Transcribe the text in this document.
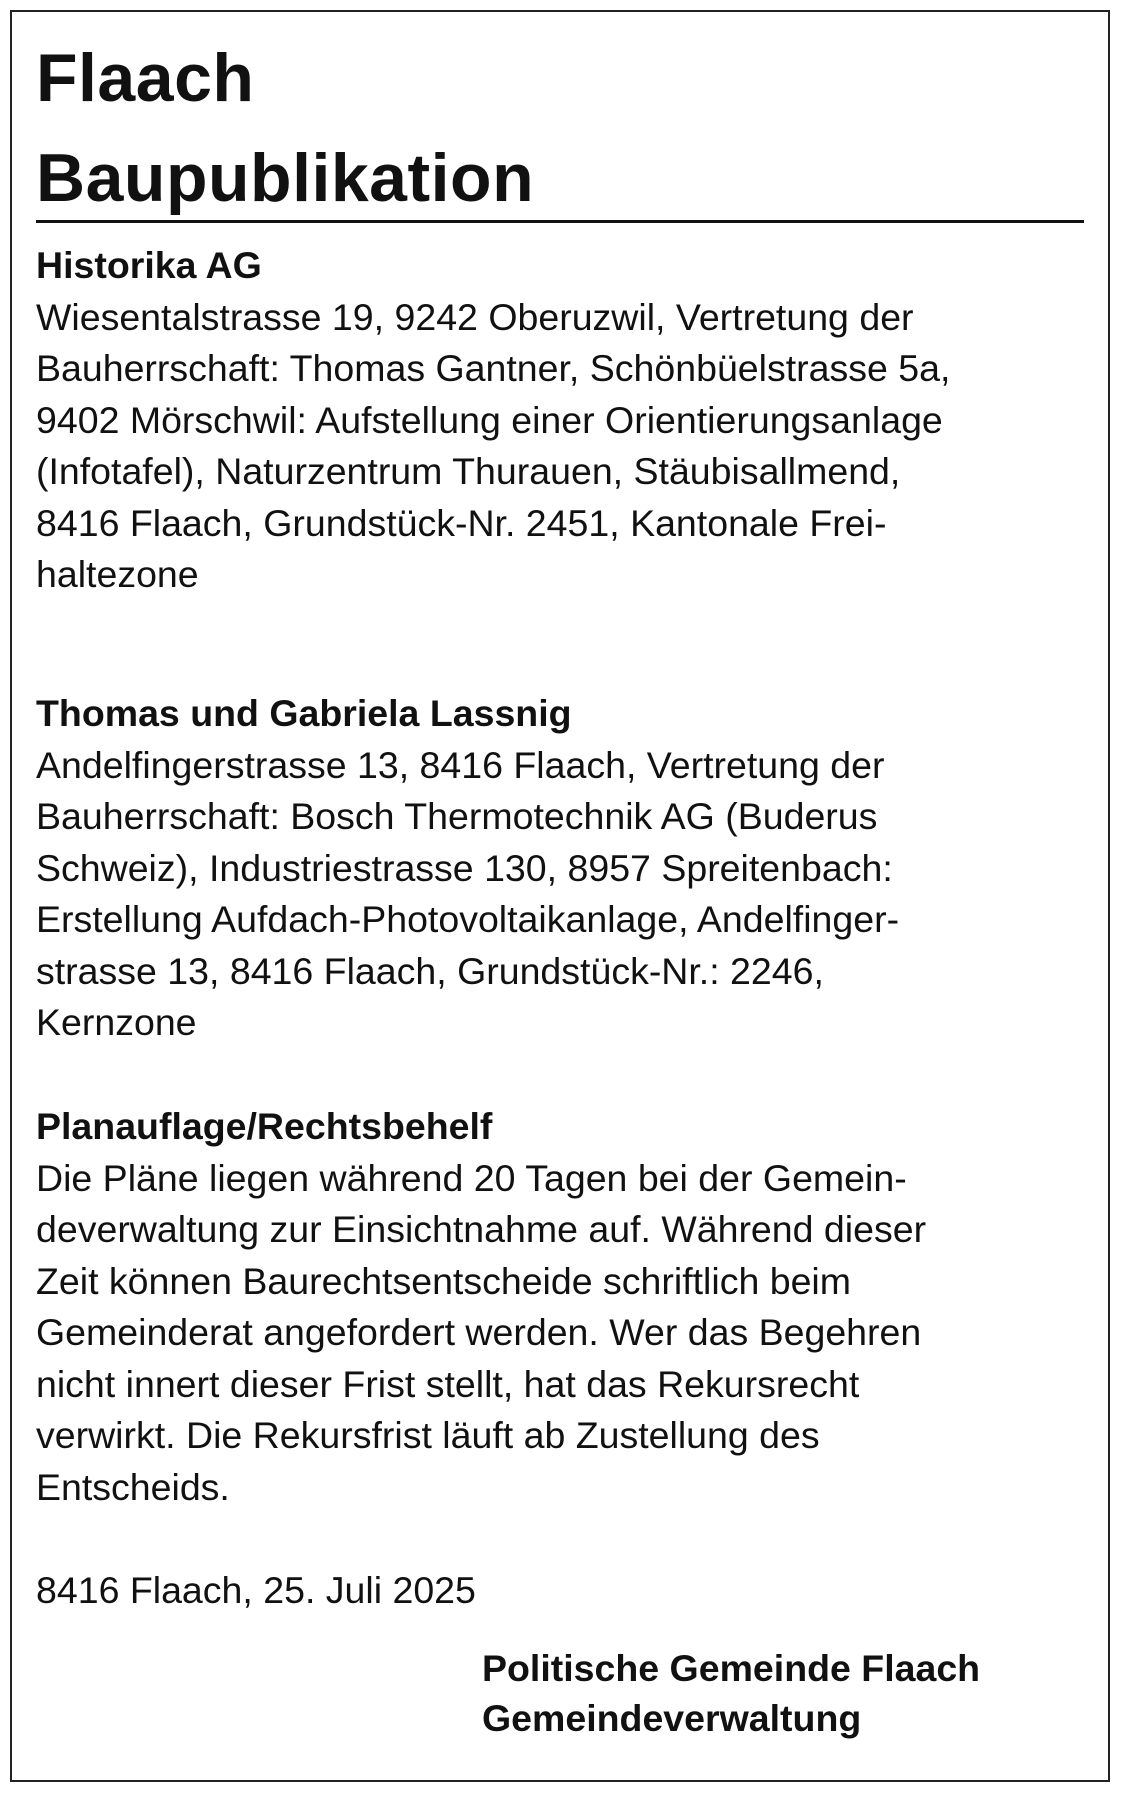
Flaach
Baupublikation
Historika AG
Wiesentalstrasse 19, 9242 Oberuzwil, Vertretung der
Bauherrschaft: Thomas Gantner, Schönbüelstrasse 5a,
9402 Mörschwil: Aufstellung einer Orientierungsanlage
(Infotafel), Naturzentrum Thurauen, Stäubisallmend,
8416 Flaach, Grundstück-Nr. 2451, Kantonale Frei-
haltezone
Thomas und Gabriela Lassnig
Andelfingerstrasse 13, 8416 Flaach, Vertretung der
Bauherrschaft: Bosch Thermotechnik AG (Buderus
Schweiz), Industriestrasse 130, 8957 Spreitenbach:
Erstellung Aufdach-Photovoltaikanlage, Andelfinger-
strasse 13, 8416 Flaach, Grundstück-Nr.: 2246,
Kernzone
Planauflage/Rechtsbehelf
Die Pläne liegen während 20 Tagen bei der Gemein-
deverwaltung zur Einsichtnahme auf. Während dieser
Zeit können Baurechtsentscheide schriftlich beim
Gemeinderat angefordert werden. Wer das Begehren
nicht innert dieser Frist stellt, hat das Rekursrecht
verwirkt. Die Rekursfrist läuft ab Zustellung des
Entscheids.
8416 Flaach, 25. Juli 2025
Politische Gemeinde Flaach
Gemeindeverwaltung
